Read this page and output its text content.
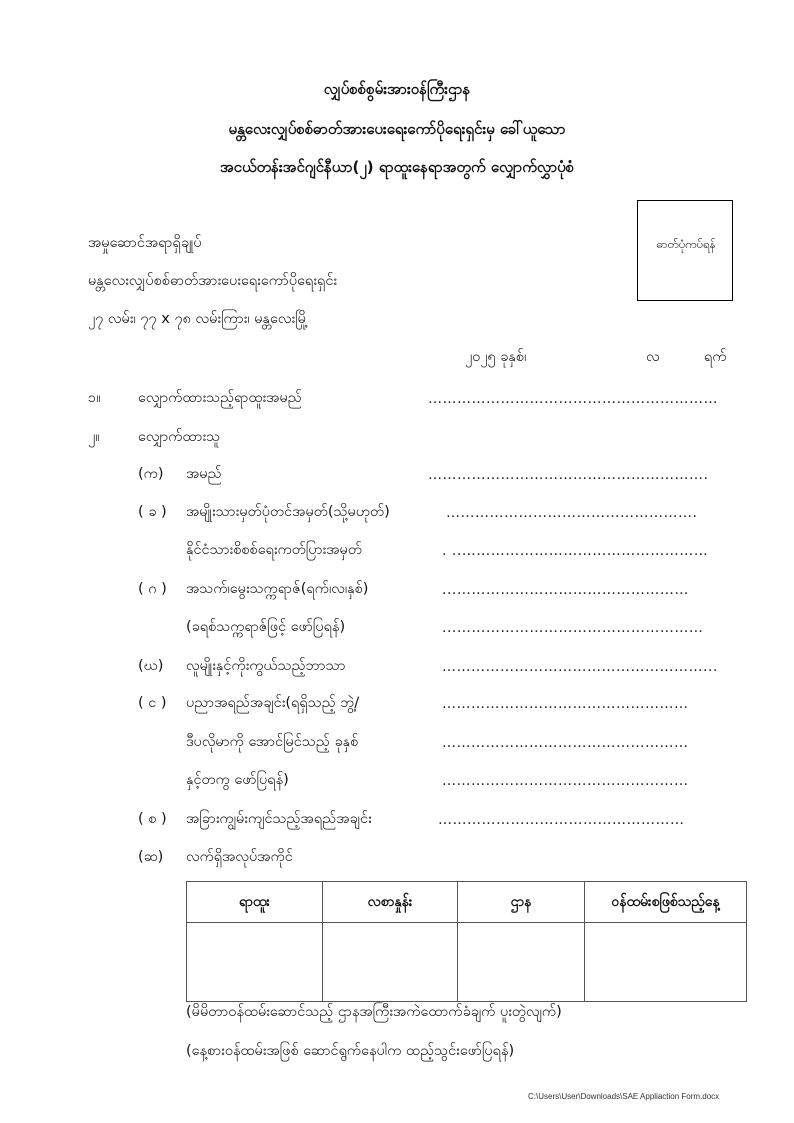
လျှပ်စစ်စွမ်းအားဝန်ကြီးဌာန
မန္တလေးလျှပ်စစ်ဓာတ်အားပေးရေးကော်ပိုရေးရှင်းမှ ခေါ်ယူသော
အငယ်တန်းအင်ဂျင်နီယာ(၂) ရာထူးနေရာအတွက် လျှောက်လွှာပုံစံ
ဓာတ်ပုံကပ်ရန်
အမှုဆောင်အရာရှိချုပ်
မန္တလေးလျှပ်စစ်ဓာတ်အားပေးရေးကော်ပိုရေးရှင်း
၂၇ လမ်း၊ ၇၇ x ၇၈ လမ်းကြား၊ မန္တလေးမြို့
၂၀၂၅ ခုနှစ်၊	လ	ရက်
၁။	လျှောက်ထားသည့်ရာထူးအမည်	……………………………………………………
၂။	လျှောက်ထားသူ
(က) အမည်	………………………………………………….
( ခ ) အမျိုးသားမှတ်ပုံတင်အမှတ်(သို့မဟုတ်)	…………………………………………….
နိုင်ငံသားစိစစ်ရေးကတ်ပြားအမှတ်	. ..……………………………………………
( ဂ ) အသက်၊မွေးသက္ကရာဇ်(ရက်၊လ၊နှစ်)	...…………………………………………
(ခရစ်သက္ကရာဇ်ဖြင့် ဖော်ပြရန်)	...……………………………………………
(ဃ) လူမျိုးနှင့်ကိုးကွယ်သည့်ဘာသာ	………………………………………………...
( င ) ပညာအရည်အချင်း(ရရှိသည့် ဘွဲ့/	……………………………………………
ဒီပလိုမာကို အောင်မြင်သည့် ခုနှစ်	……………………………………………
နှင့်တကွ ဖော်ပြရန်)	……………………………………………
( စ ) အခြားကျွမ်းကျင်သည့်အရည်အချင်း	……………………………………………
(ဆ) လက်ရှိအလုပ်အကိုင်
ရာထူး	လစာနှုန်း	ဌာန	ဝန်ထမ်းစဖြစ်သည့်နေ့

(မိမိတာဝန်ထမ်းဆောင်သည့် ဌာနအကြီးအကဲထောက်ခံချက် ပူးတွဲလျက်)
(နေ့စားဝန်ထမ်းအဖြစ် ဆောင်ရွက်နေပါက ထည့်သွင်းဖော်ပြရန်)
C:\Users\User\Downloads\SAE Appliaction Form.docx
